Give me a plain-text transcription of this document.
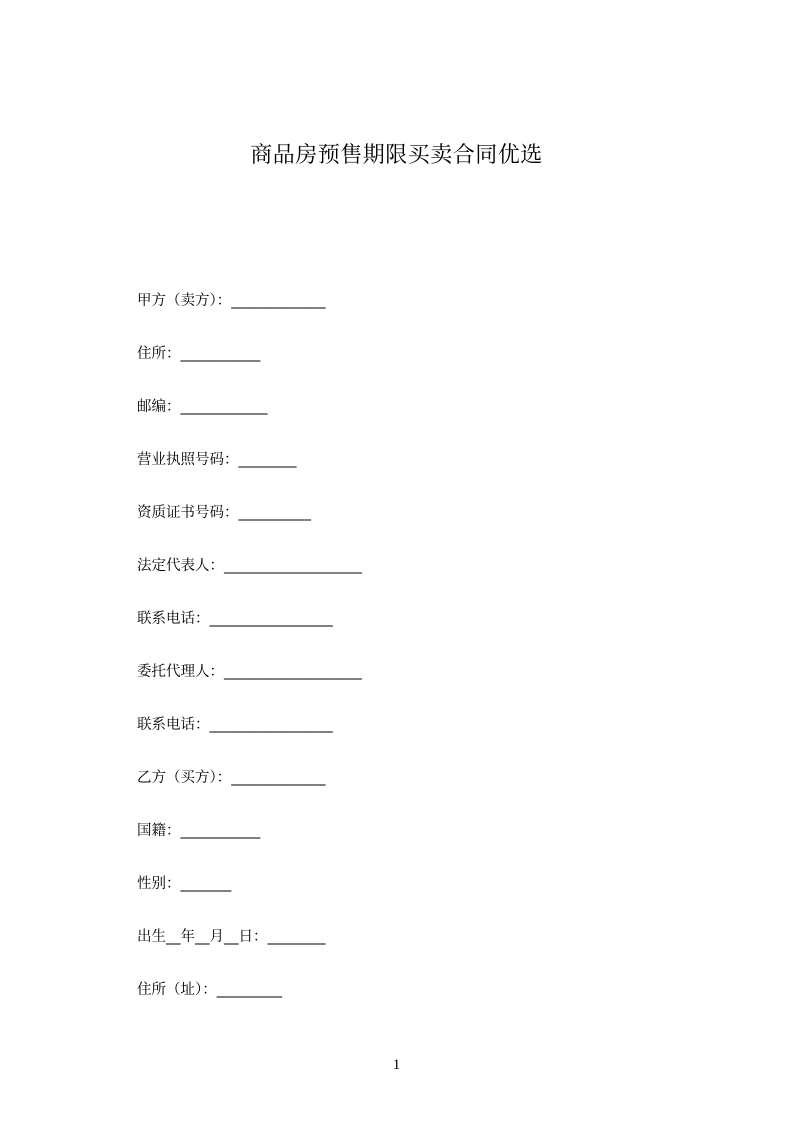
商品房预售期限买卖合同优选
甲方（卖方）：_____________
住所：___________
邮编：____________
营业执照号码：________
资质证书号码：__________
法定代表人：___________________
联系电话：_________________
委托代理人：___________________
联系电话：_________________
乙方（买方）：_____________
国籍：___________
性别：_______
出生__年__月__日：________
住所（址）：_________
1
